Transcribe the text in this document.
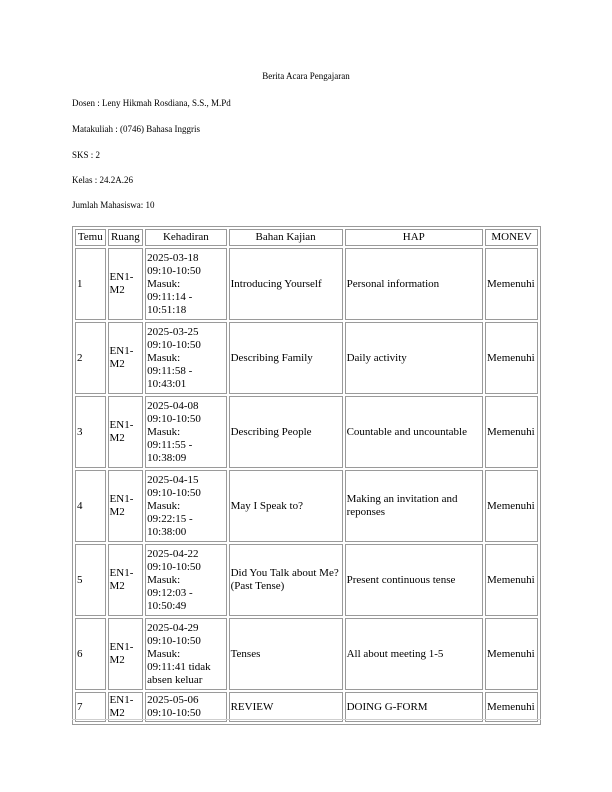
Berita Acara Pengajaran
Dosen : Leny Hikmah Rosdiana, S.S., M.Pd
Matakuliah : (0746) Bahasa Inggris
SKS : 2
Kelas : 24.2A.26
Jumlah Mahasiswa: 10
Temu	Ruang	Kehadiran	Bahan Kajian	HAP	MONEV
1	EN1-M2	2025-03-18
09:10-10:50
Masuk:
09:11:14 -
10:51:18	Introducing Yourself	Personal information	Memenuhi
2	EN1-M2	2025-03-25
09:10-10:50
Masuk:
09:11:58 -
10:43:01	Describing Family	Daily activity	Memenuhi
3	EN1-M2	2025-04-08
09:10-10:50
Masuk:
09:11:55 -
10:38:09	Describing People	Countable and uncountable	Memenuhi
4	EN1-M2	2025-04-15
09:10-10:50
Masuk:
09:22:15 -
10:38:00	May I Speak to?	Making an invitation and reponses	Memenuhi
5	EN1-M2	2025-04-22
09:10-10:50
Masuk:
09:12:03 -
10:50:49	Did You Talk about Me? (Past Tense)	Present continuous tense	Memenuhi
6	EN1-M2	2025-04-29
09:10-10:50
Masuk:
09:11:41 tidak
absen keluar	Tenses	All about meeting 1-5	Memenuhi
7	EN1-M2	2025-05-06
09:10-10:50	REVIEW	DOING G-FORM	Memenuhi
